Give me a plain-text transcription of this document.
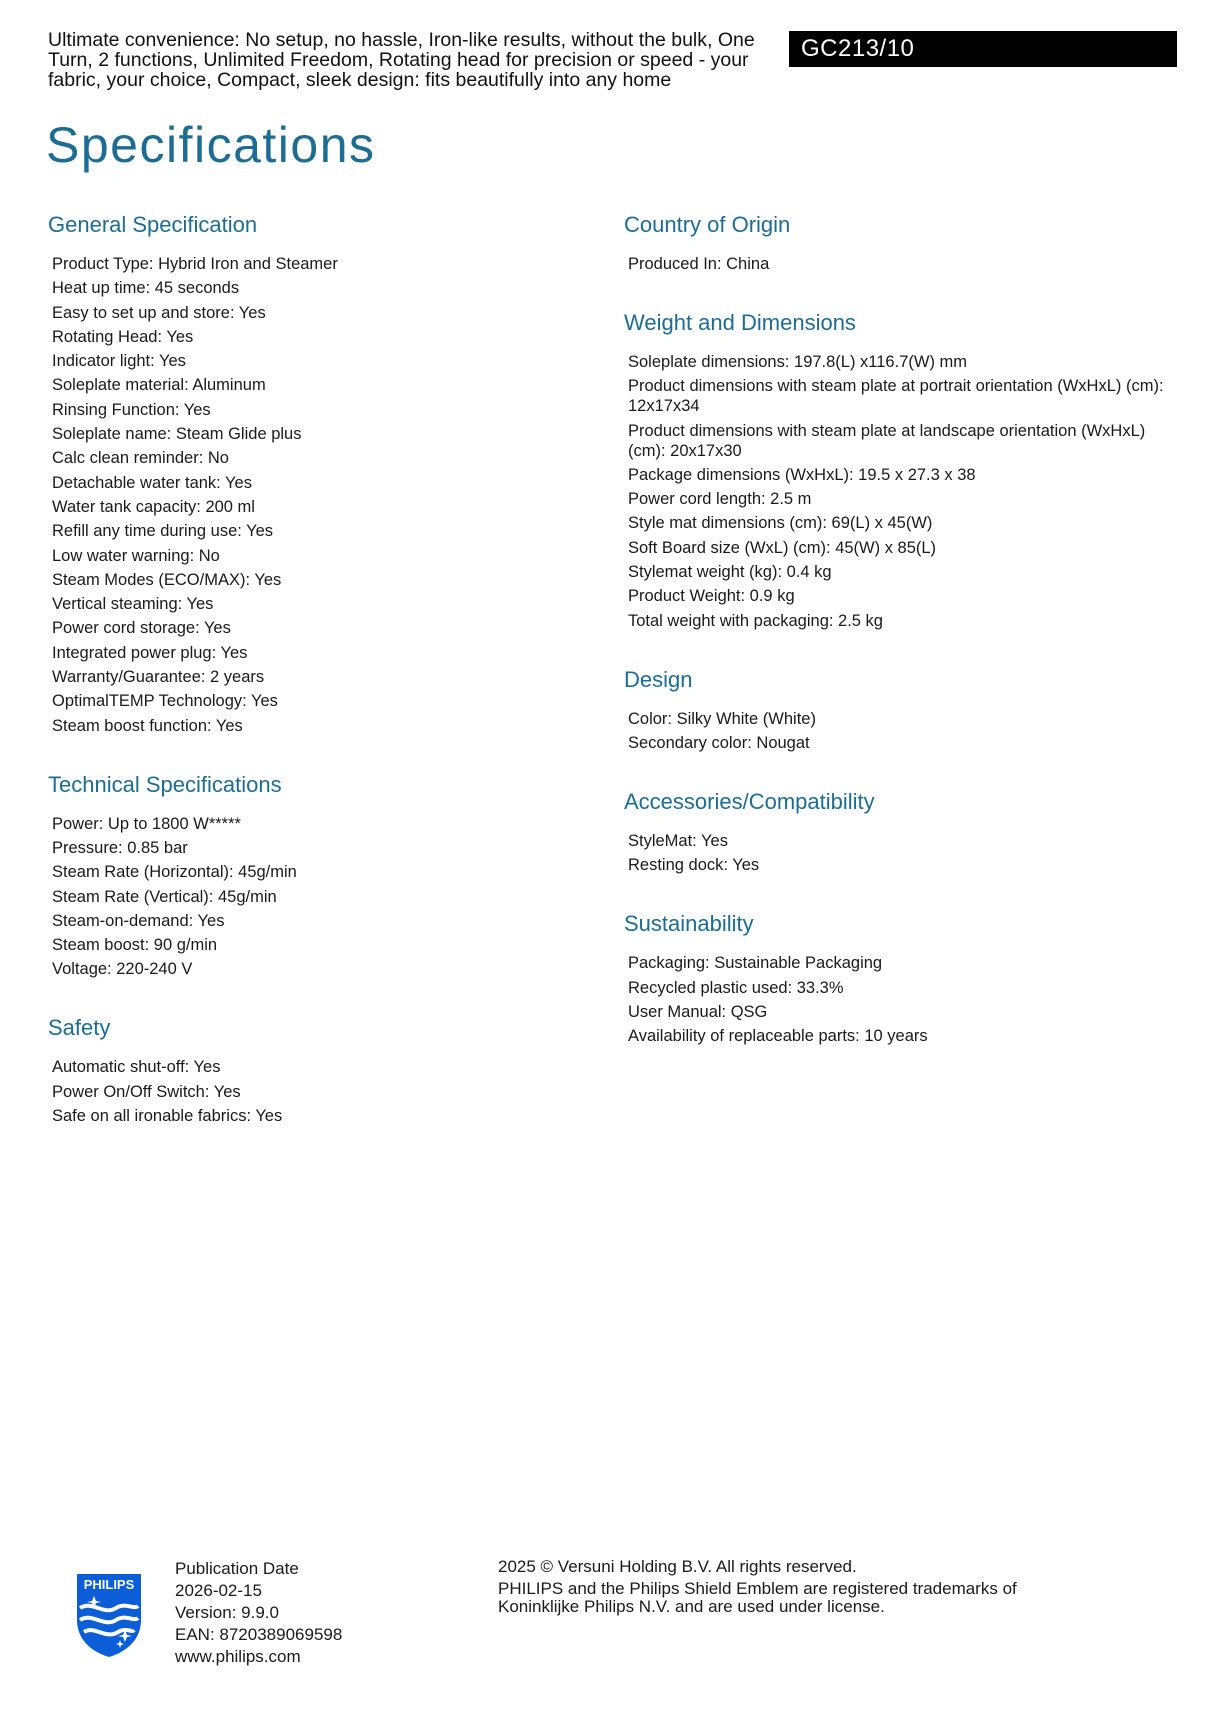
Ultimate convenience: No setup, no hassle, Iron-like results, without the bulk, One Turn, 2 functions, Unlimited Freedom, Rotating head for precision or speed - your fabric, your choice, Compact, sleek design: fits beautifully into any home
GC213/10
Specifications
General Specification
Product Type: Hybrid Iron and Steamer
Heat up time: 45 seconds
Easy to set up and store: Yes
Rotating Head: Yes
Indicator light: Yes
Soleplate material: Aluminum
Rinsing Function: Yes
Soleplate name: Steam Glide plus
Calc clean reminder: No
Detachable water tank: Yes
Water tank capacity: 200 ml
Refill any time during use: Yes
Low water warning: No
Steam Modes (ECO/MAX): Yes
Vertical steaming: Yes
Power cord storage: Yes
Integrated power plug: Yes
Warranty/Guarantee: 2 years
OptimalTEMP Technology: Yes
Steam boost function: Yes
Technical Specifications
Power: Up to 1800 W*****
Pressure: 0.85 bar
Steam Rate (Horizontal): 45g/min
Steam Rate (Vertical): 45g/min
Steam-on-demand: Yes
Steam boost: 90 g/min
Voltage: 220-240 V
Safety
Automatic shut-off: Yes
Power On/Off Switch: Yes
Safe on all ironable fabrics: Yes
Country of Origin
Produced In: China
Weight and Dimensions
Soleplate dimensions: 197.8(L) x116.7(W) mm
Product dimensions with steam plate at portrait orientation (WxHxL) (cm): 12x17x34
Product dimensions with steam plate at landscape orientation (WxHxL) (cm): 20x17x30
Package dimensions (WxHxL): 19.5 x 27.3 x 38
Power cord length: 2.5 m
Style mat dimensions (cm): 69(L) x 45(W)
Soft Board size (WxL) (cm): 45(W) x 85(L)
Stylemat weight (kg): 0.4 kg
Product Weight: 0.9 kg
Total weight with packaging: 2.5 kg
Design
Color: Silky White (White)
Secondary color: Nougat
Accessories/Compatibility
StyleMat: Yes
Resting dock: Yes
Sustainability
Packaging: Sustainable Packaging
Recycled plastic used: 33.3%
User Manual: QSG
Availability of replaceable parts: 10 years
PHILIPS
Publication Date
2026-02-15
Version: 9.9.0
EAN: 8720389069598
www.philips.com

2025 © Versuni Holding B.V. All rights reserved.

PHILIPS and the Philips Shield Emblem are registered trademarks of Koninklijke Philips N.V. and are used under license.
